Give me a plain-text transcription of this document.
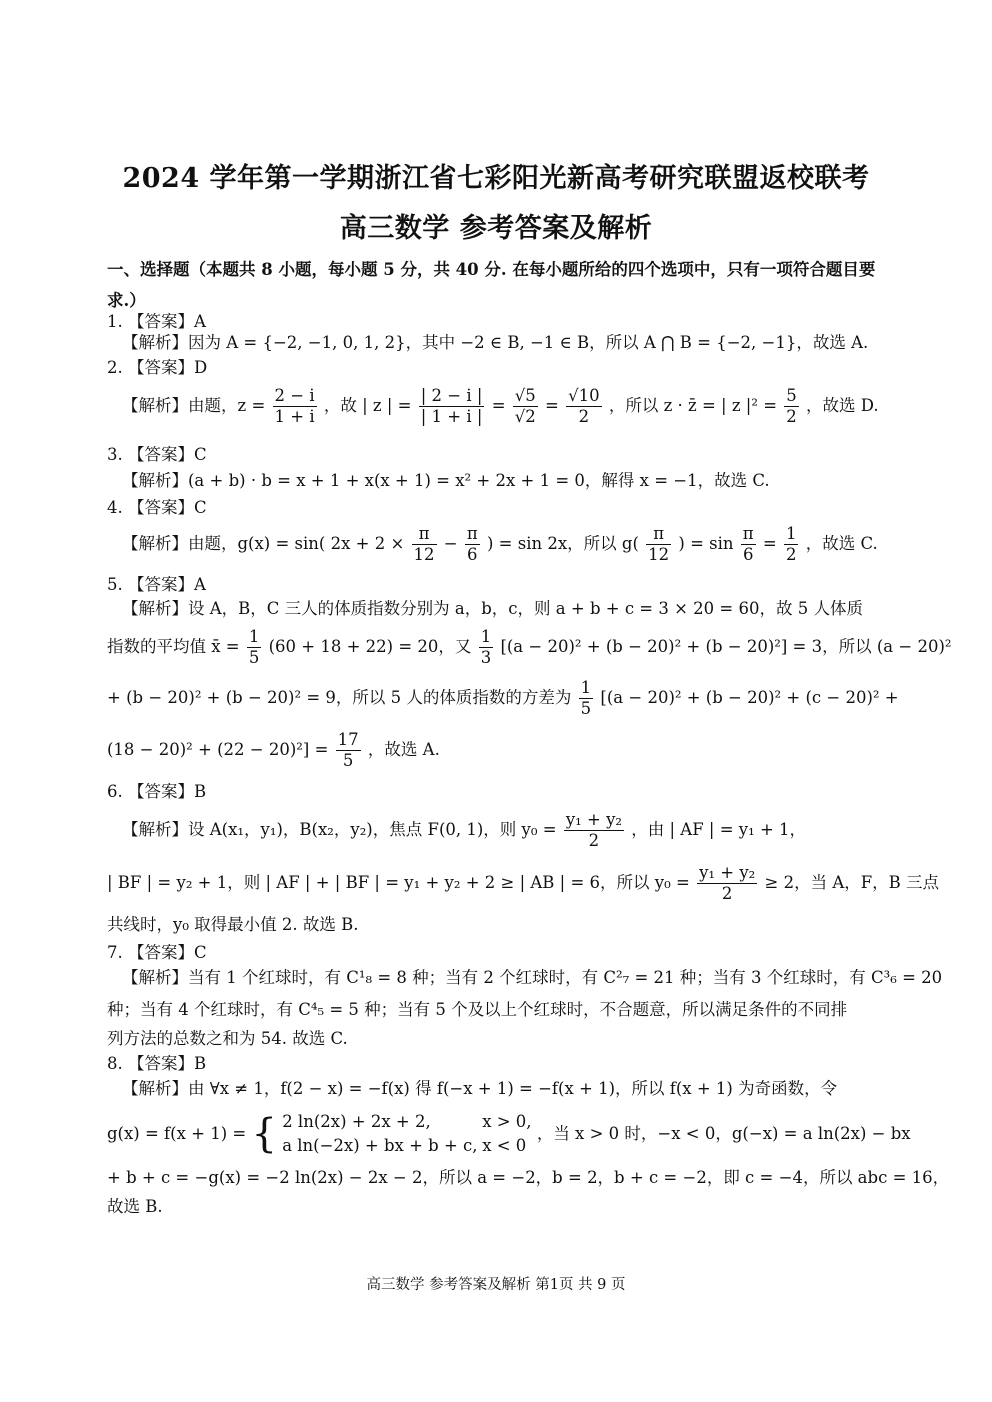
2024 学年第一学期浙江省七彩阳光新高考研究联盟返校联考
高三数学 参考答案及解析
一、选择题（本题共 8 小题，每小题 5 分，共 40 分. 在每小题所给的四个选项中，只有一项符合题目要求.）
1. 【答案】A
【解析】因为 A = {−2, −1, 0, 1, 2}，其中 −2 ∈ B, −1 ∈ B，所以 A ⋂ B = {−2, −1}，故选 A.
2. 【答案】D
【解析】由题，$z = \frac{2 - i}{1 + i}$ ，故 | z | = $\frac{| 2 - i |}{| 1 + i |} = \frac{√5}{√2} = \frac{√10}{2}$ ，所以 z · z̄ = | z $|^2 = \frac{5}{2}$ ，故选 D.
3. 【答案】C
【解析】(a + b) · b = x + 1 + x(x + 1) = x² + 2x + 1 = 0，解得 x = −1，故选 C.
4. 【答案】C
【解析】由题，g(x) = sin( $2x + 2 \times \frac{\pi}{12} - \frac{\pi}{6}$ ) = sin 2x，所以 $g( \frac{\pi}{12}$ ) = $\sin \frac{\pi}{6} = \frac{1}{2}$ ，故选 C.
5. 【答案】A
【解析】设 A，B，C 三人的体质指数分别为 a，b，c，则 a + b + c = 3 × 20 = 60，故 5 人体质
指数的平均值 x̄ = $\frac{1}{5} (60 + 18 + 22) = 20$，又 $\frac{1}{3} [(a - 20)^2 + (b - 20)^2 + (b - 20)^2] = 3$，所以 (a − 20)²
+ (b − 20)² + (b − 20)² = 9，所以 5 人的体质指数的方差为 $\frac{1}{5} [(a - 20)^2 + (b - 20)^2 + (c - 20)^2$ +
$(18 - 20)^2 + (22 - 20)^2] = \frac{17}{5}$ ，故选 A.
6. 【答案】B
【解析】设 A(x₁，y₁)，B(x₂，y₂)，焦点 F(0, 1)，则 $y_0 = \frac{\text{y₁ + y₂}}{2}$ ，由 | AF | = y₁ + 1，
| BF | = y₂ + 1，则 | AF | + | BF | = y₁ + y₂ + 2 ≥ | AB | = 6，所以 $y_0 = \frac{\text{y₁ + y₂}}{2} \ge 2$，当 A，F，B 三点
共线时，y₀ 取得最小值 2. 故选 B.
7. 【答案】C
【解析】当有 1 个红球时，有 C¹₈ = 8 种；当有 2 个红球时，有 C²₇ = 21 种；当有 3 个红球时，有 C³₆ = 20
种；当有 4 个红球时，有 C⁴₅ = 5 种；当有 5 个及以上个红球时，不合题意，所以满足条件的不同排
列方法的总数之和为 54. 故选 C.
8. 【答案】B
【解析】由 ∀x ≠ 1，f(2 − x) = −f(x) 得 f(−x + 1) = −f(x + 1)，所以 f(x + 1) 为奇函数，令
g(x) = f(x + 1) = { 2 ln(2x) + 2x + 2,	x > 0,
a ln(−2x) + bx + b + c, x < 0
，当 x > 0 时，−x < 0，g(−x) = a ln(2x) − bx
+ b + c = −g(x) = −2 ln(2x) − 2x − 2，所以 a = −2，b = 2，b + c = −2，即 c = −4，所以 abc = 16，
故选 B.
高三数学 参考答案及解析 第1页 共 9 页
